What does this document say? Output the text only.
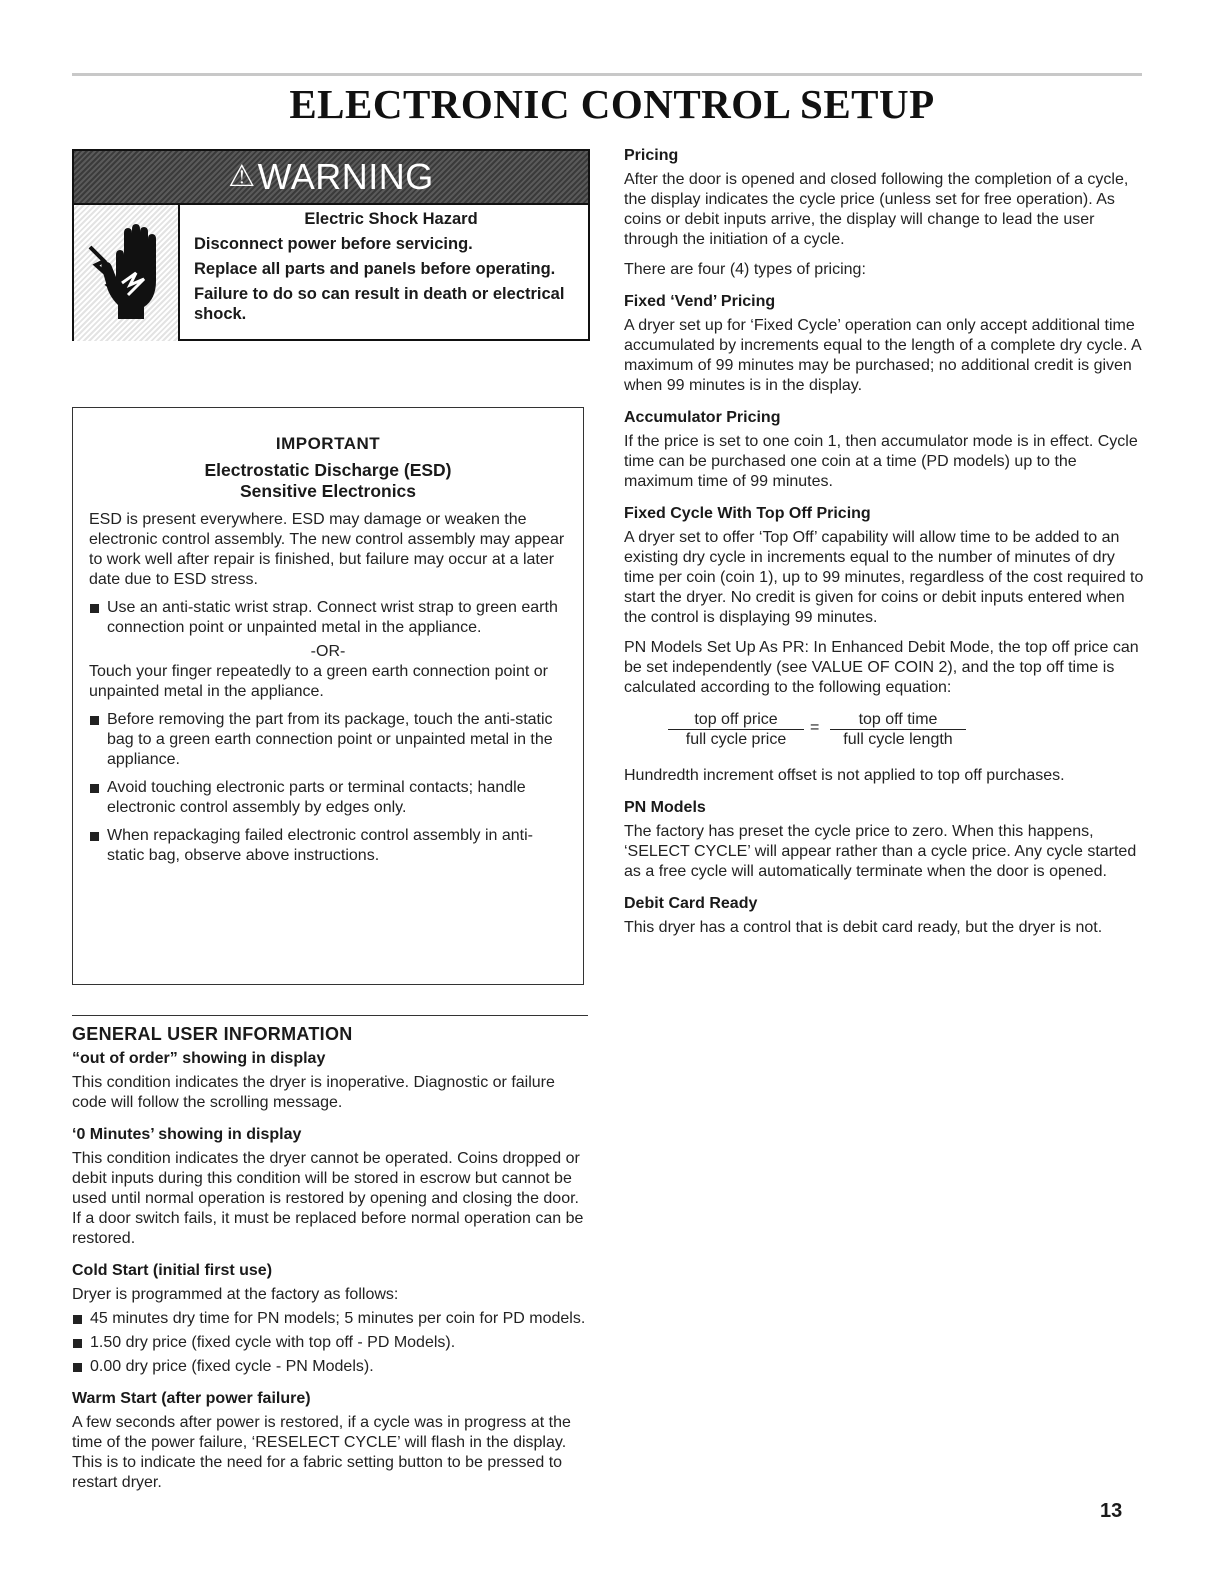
ELECTRONIC CONTROL SETUP
⚠WARNING
Electric Shock Hazard
Disconnect power before servicing.
Replace all parts and panels before operating.
Failure to do so can result in death or electrical shock.
IMPORTANT
Electrostatic Discharge (ESD)
Sensitive Electronics

ESD is present everywhere. ESD may damage or weaken the electronic control assembly. The new control assembly may appear to work well after repair is finished, but failure may occur at a later date due to ESD stress.

Use an anti-static wrist strap. Connect wrist strap to green earth connection point or unpainted metal in the appliance.
-OR-
Touch your finger repeatedly to a green earth connection point or unpainted metal in the appliance.
Before removing the part from its package, touch the anti-static bag to a green earth connection point or unpainted metal in the appliance.
Avoid touching electronic parts or terminal contacts; handle electronic control assembly by edges only.
When repackaging failed electronic control assembly in anti-static bag, observe above instructions.
GENERAL USER INFORMATION
“out of order” showing in display
This condition indicates the dryer is inoperative. Diagnostic or failure code will follow the scrolling message.
‘0 Minutes’ showing in display
This condition indicates the dryer cannot be operated. Coins dropped or debit inputs during this condition will be stored in escrow but cannot be used until normal operation is restored by opening and closing the door. If a door switch fails, it must be replaced before normal operation can be restored.
Cold Start (initial first use)
Dryer is programmed at the factory as follows:
45 minutes dry time for PN models; 5 minutes per coin for PD models.
1.50 dry price (fixed cycle with top off - PD Models).
0.00 dry price (fixed cycle - PN Models).
Warm Start (after power failure)
A few seconds after power is restored, if a cycle was in progress at the time of the power failure, ‘RESELECT CYCLE’ will flash in the display. This is to indicate the need for a fabric setting button to be pressed to restart dryer.
Pricing
After the door is opened and closed following the completion of a cycle, the display indicates the cycle price (unless set for free operation). As coins or debit inputs arrive, the display will change to lead the user through the initiation of a cycle.
There are four (4) types of pricing:
Fixed ‘Vend’ Pricing
A dryer set up for ‘Fixed Cycle’ operation can only accept additional time accumulated by increments equal to the length of a complete dry cycle. A maximum of 99 minutes may be purchased; no additional credit is given when 99 minutes is in the display.
Accumulator Pricing
If the price is set to one coin 1, then accumulator mode is in effect. Cycle time can be purchased one coin at a time (PD models) up to the maximum time of 99 minutes.
Fixed Cycle With Top Off Pricing
A dryer set to offer ‘Top Off’ capability will allow time to be added to an existing dry cycle in increments equal to the number of minutes of dry time per coin (coin 1), up to 99 minutes, regardless of the cost required to start the dryer. No credit is given for coins or debit inputs entered when the control is displaying 99 minutes.
PN Models Set Up As PR: In Enhanced Debit Mode, the top off price can be set independently (see VALUE OF COIN 2), and the top off time is calculated according to the following equation:
top off price
full cycle price
=	top off time
full cycle length
Hundredth increment offset is not applied to top off purchases.
PN Models
The factory has preset the cycle price to zero. When this happens, ‘SELECT CYCLE’ will appear rather than a cycle price. Any cycle started as a free cycle will automatically terminate when the door is opened.
Debit Card Ready
This dryer has a control that is debit card ready, but the dryer is not.
13
